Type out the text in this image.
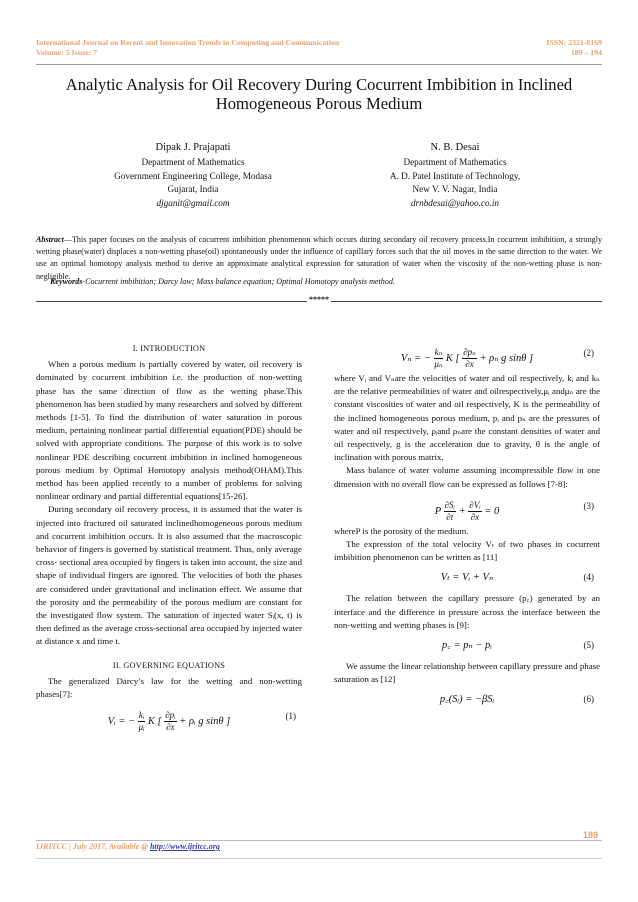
International Journal on Recent and Innovation Trends in Computing and Communication
Volume: 5 Issue: 7
ISSN: 2321-8169
189 – 194
Analytic Analysis for Oil Recovery During Cocurrent Imbibition in Inclined
Homogeneous Porous Medium
Dipak J. Prajapati
Department of Mathematics
Government Engineering College, Modasa
Gujarat, India
djganit@gmail.com
N. B. Desai
Department of Mathematics
A. D. Patel Institute of Technology,
New V. V. Nagar, India
drnbdesai@yahoo.co.in
Abstract—This paper focuses on the analysis of cocurrent imbibition phenomenon which occurs during secondary oil recovery process.In cocurrent imbibition, a strongly wetting phase(water) displaces a non-wetting phase(oil) spontaneously under the influence of capillary forces such that the oil moves in the same direction to the water. We use an optimal homotopy analysis method to derive an approximate analytical expression for saturation of water when the viscosity of the non-wetting phase is non-negligible.
Keywords-Cocurrent imbibition; Darcy law; Mass balance equation; Optimal Homotopy analysis method.
*****
I. INTRODUCTION

When a porous medium is partially covered by water, oil recovery is dominated by cocurrent imbibition i.e. the production of non-wetting phase has the same direction of flow as the wetting phase.This phenomenon has been studied by many researchers and solved by different methods [1-5]. To find the distribution of water saturation in porous medium, pertaining nonlinear partial differential equation(PDE) should be solved with appropriate conditions. The purpose of this work is to solve nonlinear PDE describing cocurrent imbibition in inclined homogeneous porous medium by Optimal Homotopy analysis method(OHAM).This method has been applied recently to a number of problems for solving nonlinear ordinary and partial differential equations[15-26].

During secondary oil recovery process, it is assumed that the water is injected into fractured oil saturated inclinedhomogeneous porous medium and cocurrent imbibition occurs. It is also assumed that the macroscopic behavior of fingers is governed by statistical treatment. Thus, only average cross- sectional area occupied by fingers is taken into account, the size and shape of individual fingers are ignored. The velocities of both the phases are considered under gravitational and inclination effect. We assume that the porosity and the permeability of the porous medium are constant for the investigated flow system. The saturation of injected water Sᵢ(x, t) is then defined as the average cross-sectional area occupied by injected water at distance x and time t.

II. GOVERNING EQUATIONS

The generalized Darcy’s law for the wetting and non-wetting phases[7]:

Vᵢ = − $\frac{\text{kᵢ}}{\text{μᵢ}}$ K [ $\frac{\text{∂pᵢ}}{\partial x}$ + ρᵢ g sinθ ]	(1)
Vₙ = − $\frac{\text{kₙ}}{\text{μₙ}}$ K [ $\frac{\text{∂pₙ}}{\partial x} + \rho_n$ g sinθ ]	(2)

where Vᵢ and Vₙare the velocities of water and oil respectively, kᵢ and kₙ are the relative permeabilities of water and oilrespectively,μᵢ andμₙ are the constant viscosities of water and oil respectively, K is the permeability of the inclined homogeneous porous medium, pᵢ and pₙ are the pressures of water and oil respectively, ρᵢand ρₙare the constant densities of water and oil respectively, g is the acceleration due to gravity, θ is the angle of inclination with porous matrix.

Mass balance of water volume assuming incompressible flow in one dimension with no overall flow can be expressed as follows [7-8]:

P $\frac{\text{∂Sᵢ}}{\partial t} + \frac{\text{∂Vᵢ}}{\partial x} = 0$	(3)

whereP is the porosity of the medium.

The expression of the total velocity Vₜ of two phases in cocurrent imbibition phenomenon can be written as [11]

Vₜ = Vᵢ + Vₙ	(4)

The relation between the capillary pressure (p꜀) generated by an interface and the difference in pressure across the interface between the non-wetting and wetting phases is [9]:

p꜀ = pₙ − pᵢ	(5)

We assume the linear relationship between capillary pressure and phase saturation as [12]

p꜀(Sᵢ) = −βSᵢ	(6)
189
IJRITCC | July 2017, Available @ http://www.ijritcc.org
